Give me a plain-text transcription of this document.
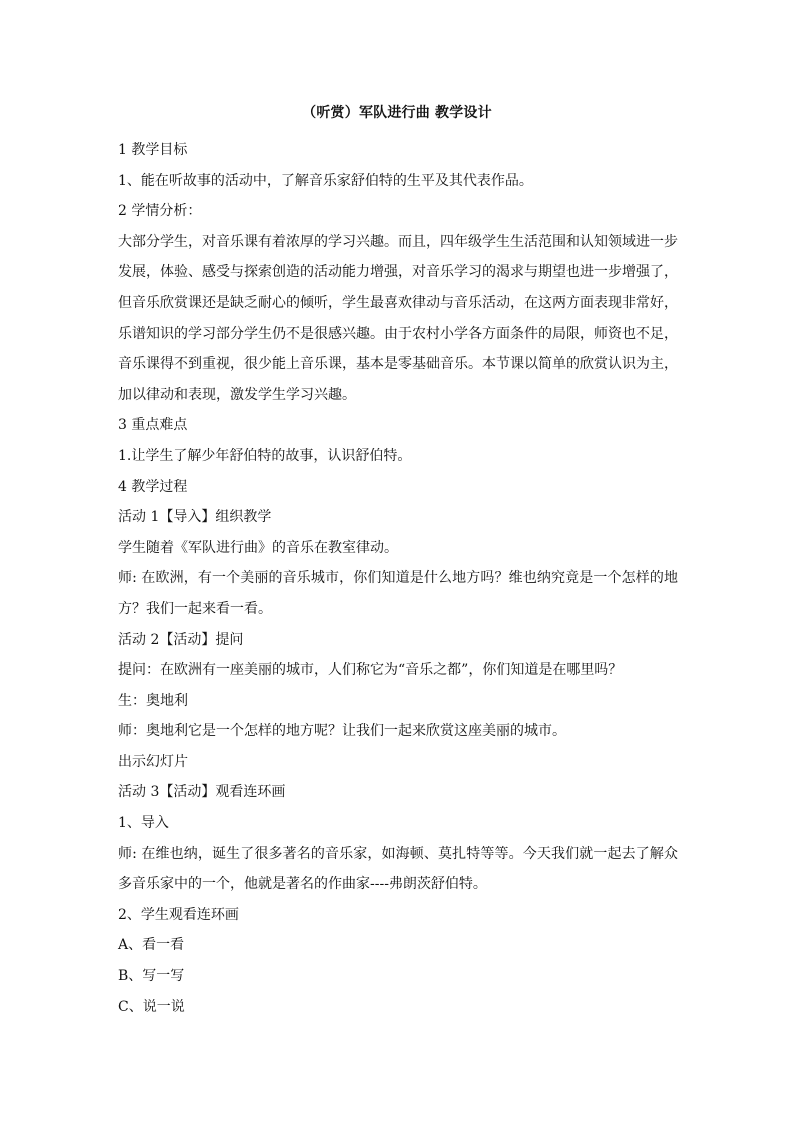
（听赏）军队进行曲 教学设计

1 教学目标

1、能在听故事的活动中，了解音乐家舒伯特的生平及其代表作品。

2 学情分析：

大部分学生，对音乐课有着浓厚的学习兴趣。而且，四年级学生生活范围和认知领域进一步发展，体验、感受与探索创造的活动能力增强，对音乐学习的渴求与期望也进一步增强了，但音乐欣赏课还是缺乏耐心的倾听，学生最喜欢律动与音乐活动，在这两方面表现非常好，乐谱知识的学习部分学生仍不是很感兴趣。由于农村小学各方面条件的局限，师资也不足，音乐课得不到重视，很少能上音乐课，基本是零基础音乐。本节课以简单的欣赏认识为主，加以律动和表现，激发学生学习兴趣。

3 重点难点

1.让学生了解少年舒伯特的故事，认识舒伯特。

4 教学过程

活动 1【导入】组织教学

学生随着《军队进行曲》的音乐在教室律动。

师: 在欧洲，有一个美丽的音乐城市，你们知道是什么地方吗？维也纳究竟是一个怎样的地方？我们一起来看一看。

活动 2【活动】提问

提问：在欧洲有一座美丽的城市，人们称它为“音乐之都”，你们知道是在哪里吗？

生：奥地利

师：奥地利它是一个怎样的地方呢？让我们一起来欣赏这座美丽的城市。

出示幻灯片

活动 3【活动】观看连环画

1、导入

师: 在维也纳，诞生了很多著名的音乐家，如海顿、莫扎特等等。今天我们就一起去了解众多音乐家中的一个，他就是著名的作曲家----弗朗茨舒伯特。

2、学生观看连环画

A、看一看

B、写一写

C、说一说
